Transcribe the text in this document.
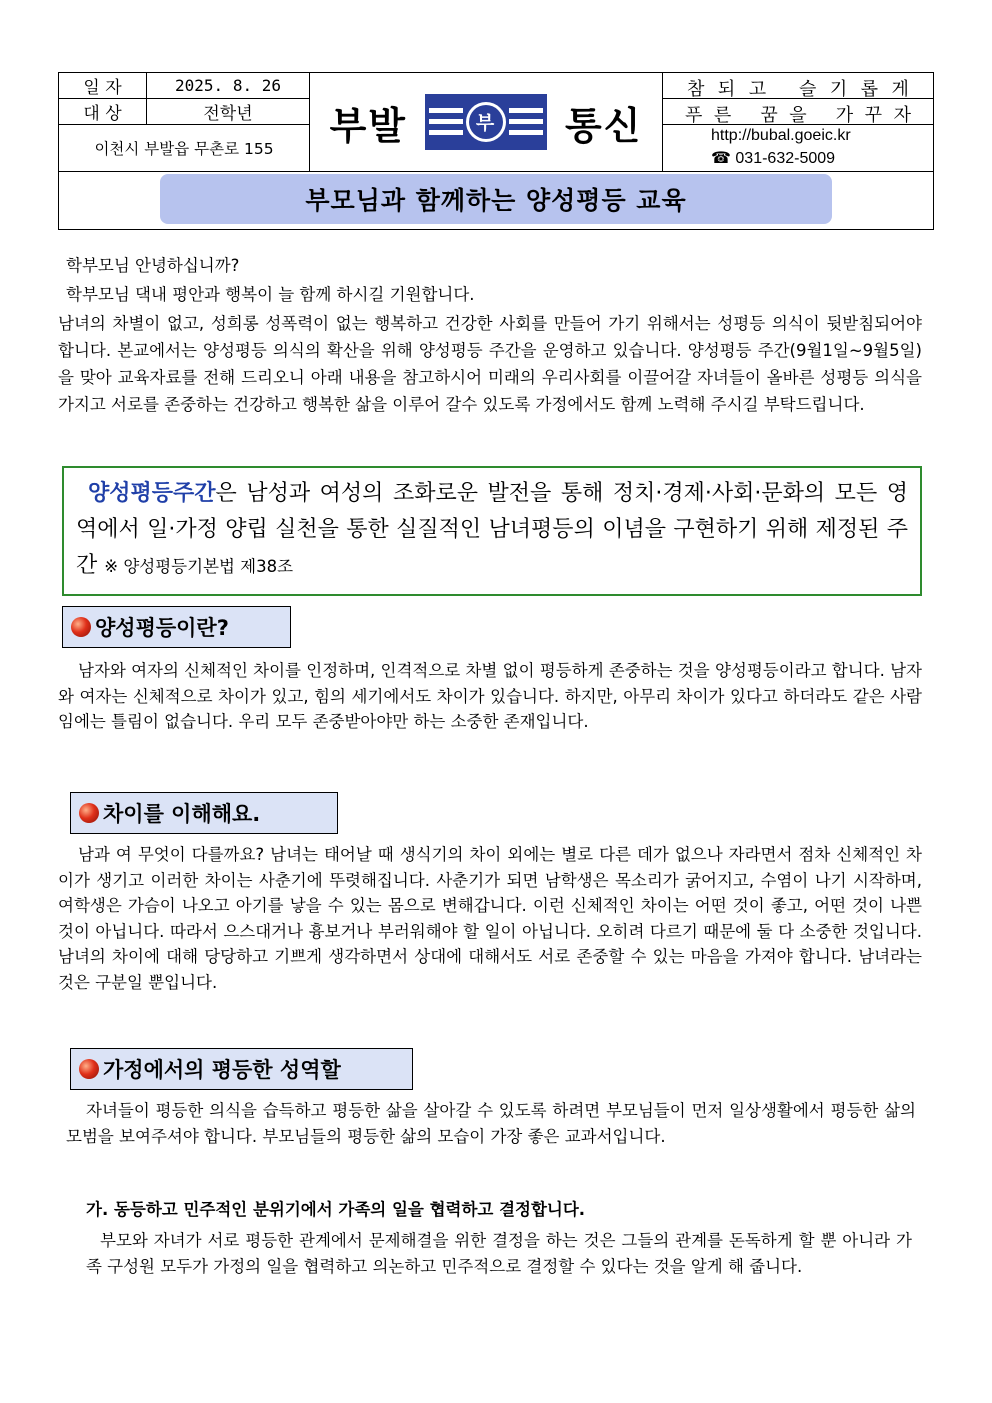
일 자	2025. 8. 26
대 상	전학년
이천시 부발읍 무촌로 155
부발	부 통신
참 되 고 슬 기 롭 게
푸 른 꿈 을 가 꾸 자
http://bubal.goeic.kr
☎ 031-632-5009
부모님과 함께하는 양성평등 교육

학부모님 안녕하십니까?

학부모님 댁내 평안과 행복이 늘 함께 하시길 기원합니다.

남녀의 차별이 없고, 성희롱 성폭력이 없는 행복하고 건강한 사회를 만들어 가기 위해서는 성평등 의식이 뒷받침되어야 합니다. 본교에서는 양성평등 의식의 확산을 위해 양성평등 주간을 운영하고 있습니다. 양성평등 주간(9월1일~9월5일)을 맞아 교육자료를 전해 드리오니 아래 내용을 참고하시어 미래의 우리사회를 이끌어갈 자녀들이 올바른 성평등 의식을 가지고 서로를 존중하는 건강하고 행복한 삶을 이루어 갈수 있도록 가정에서도 함께 노력해 주시길 부탁드립니다.

양성평등주간은 남성과 여성의 조화로운 발전을 통해 정치·경제·사회·문화의 모든 영역에서 일·가정 양립 실천을 통한 실질적인 남녀평등의 이념을 구현하기 위해 제정된 주간 ※ 양성평등기본법 제38조
양성평등이란?

남자와 여자의 신체적인 차이를 인정하며, 인격적으로 차별 없이 평등하게 존중하는 것을 양성평등이라고 합니다. 남자와 여자는 신체적으로 차이가 있고, 힘의 세기에서도 차이가 있습니다. 하지만, 아무리 차이가 있다고 하더라도 같은 사람임에는 틀림이 없습니다. 우리 모두 존중받아야만 하는 소중한 존재입니다.

차이를 이해해요.

남과 여 무엇이 다를까요? 남녀는 태어날 때 생식기의 차이 외에는 별로 다른 데가 없으나 자라면서 점차 신체적인 차이가 생기고 이러한 차이는 사춘기에 뚜렷해집니다. 사춘기가 되면 남학생은 목소리가 굵어지고, 수염이 나기 시작하며, 여학생은 가슴이 나오고 아기를 낳을 수 있는 몸으로 변해갑니다. 이런 신체적인 차이는 어떤 것이 좋고, 어떤 것이 나쁜 것이 아닙니다. 따라서 으스대거나 흉보거나 부러워해야 할 일이 아닙니다. 오히려 다르기 때문에 둘 다 소중한 것입니다. 남녀의 차이에 대해 당당하고 기쁘게 생각하면서 상대에 대해서도 서로 존중할 수 있는 마음을 가져야 합니다. 남녀라는 것은 구분일 뿐입니다.

가정에서의 평등한 성역할

자녀들이 평등한 의식을 습득하고 평등한 삶을 살아갈 수 있도록 하려면 부모님들이 먼저 일상생활에서 평등한 삶의 모범을 보여주셔야 합니다. 부모님들의 평등한 삶의 모습이 가장 좋은 교과서입니다.

가. 동등하고 민주적인 분위기에서 가족의 일을 협력하고 결정합니다.

부모와 자녀가 서로 평등한 관계에서 문제해결을 위한 결정을 하는 것은 그들의 관계를 돈독하게 할 뿐 아니라 가족 구성원 모두가 가정의 일을 협력하고 의논하고 민주적으로 결정할 수 있다는 것을 알게 해 줍니다.
